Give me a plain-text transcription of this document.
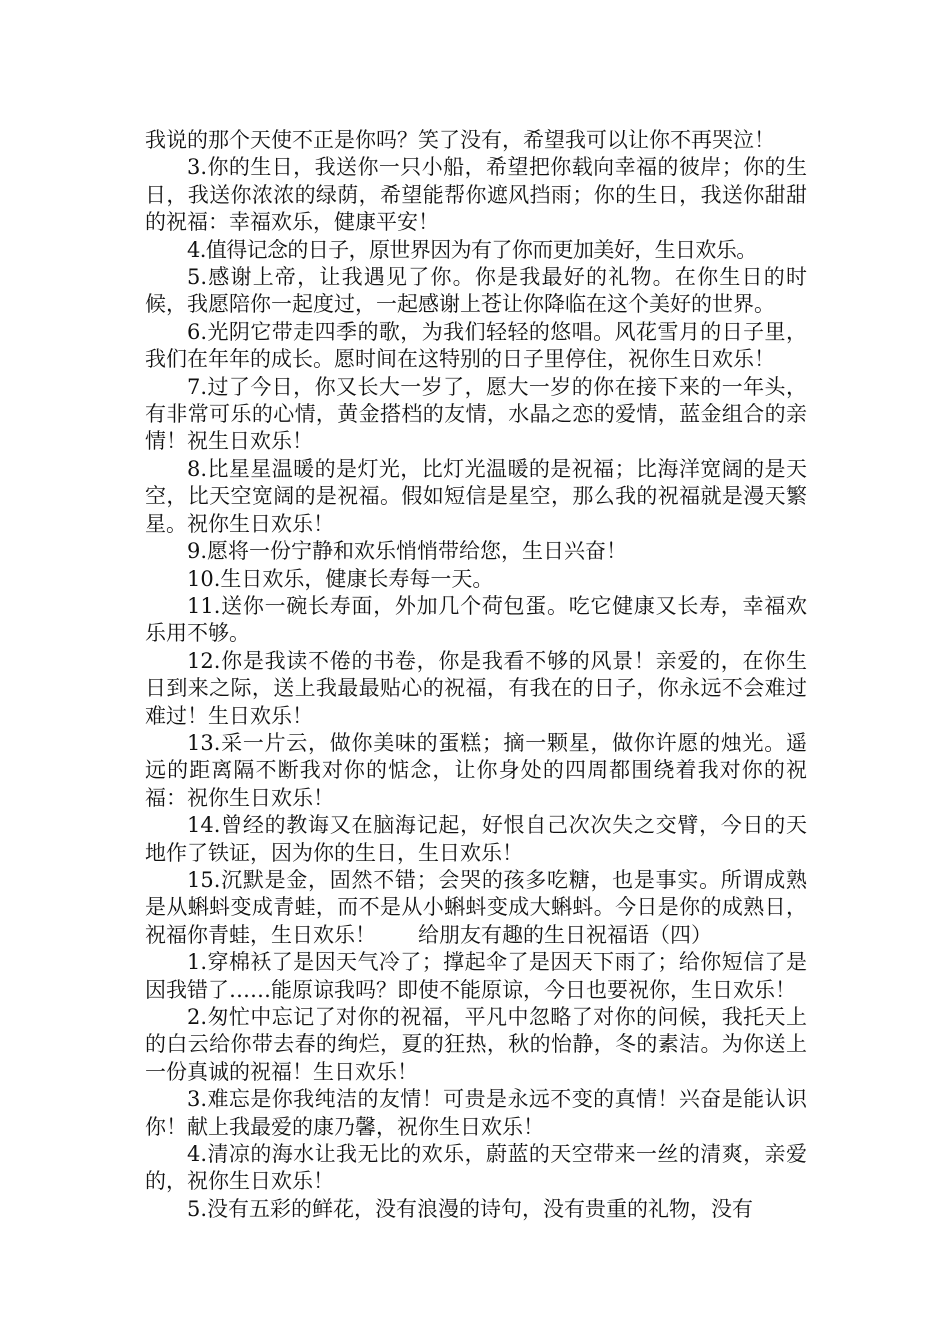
我说的那个天使不正是你吗？笑了没有，希望我可以让你不再哭泣！

3.你的生日，我送你一只小船，希望把你载向幸福的彼岸；你的生日，我送你浓浓的绿荫，希望能帮你遮风挡雨；你的生日，我送你甜甜的祝福：幸福欢乐，健康平安！

4.值得记念的日子，原世界因为有了你而更加美好，生日欢乐。

5.感谢上帝，让我遇见了你。你是我最好的礼物。在你生日的时候，我愿陪你一起度过，一起感谢上苍让你降临在这个美好的世界。

6.光阴它带走四季的歌，为我们轻轻的悠唱。风花雪月的日子里，我们在年年的成长。愿时间在这特别的日子里停住，祝你生日欢乐！

7.过了今日，你又长大一岁了，愿大一岁的你在接下来的一年头，有非常可乐的心情，黄金搭档的友情，水晶之恋的爱情，蓝金组合的亲情！祝生日欢乐！

8.比星星温暖的是灯光，比灯光温暖的是祝福；比海洋宽阔的是天空，比天空宽阔的是祝福。假如短信是星空，那么我的祝福就是漫天繁星。祝你生日欢乐！

9.愿将一份宁静和欢乐悄悄带给您，生日兴奋！

10.生日欢乐，健康长寿每一天。

11.送你一碗长寿面，外加几个荷包蛋。吃它健康又长寿，幸福欢乐用不够。

12.你是我读不倦的书卷，你是我看不够的风景！亲爱的，在你生日到来之际，送上我最最贴心的祝福，有我在的日子，你永远不会难过难过！生日欢乐！

13.采一片云，做你美味的蛋糕；摘一颗星，做你许愿的烛光。遥远的距离隔不断我对你的惦念，让你身处的四周都围绕着我对你的祝福：祝你生日欢乐！

14.曾经的教诲又在脑海记起，好恨自己次次失之交臂，今日的天地作了铁证，因为你的生日，生日欢乐！

15.沉默是金，固然不错；会哭的孩多吃糖，也是事实。所谓成熟是从蝌蚪变成青蛙，而不是从小蝌蚪变成大蝌蚪。今日是你的成熟日，祝福你青蛙，生日欢乐！　　给朋友有趣的生日祝福语（四）

1.穿棉袄了是因天气冷了；撑起伞了是因天下雨了；给你短信了是因我错了……能原谅我吗？即使不能原谅，今日也要祝你，生日欢乐！

2.匆忙中忘记了对你的祝福，平凡中忽略了对你的问候，我托天上的白云给你带去春的绚烂，夏的狂热，秋的怡静，冬的素洁。为你送上一份真诚的祝福！生日欢乐！

3.难忘是你我纯洁的友情！可贵是永远不变的真情！兴奋是能认识你！献上我最爱的康乃馨，祝你生日欢乐！

4.清凉的海水让我无比的欢乐，蔚蓝的天空带来一丝的清爽，亲爱的，祝你生日欢乐！

5.没有五彩的鲜花，没有浪漫的诗句，没有贵重的礼物，没有
